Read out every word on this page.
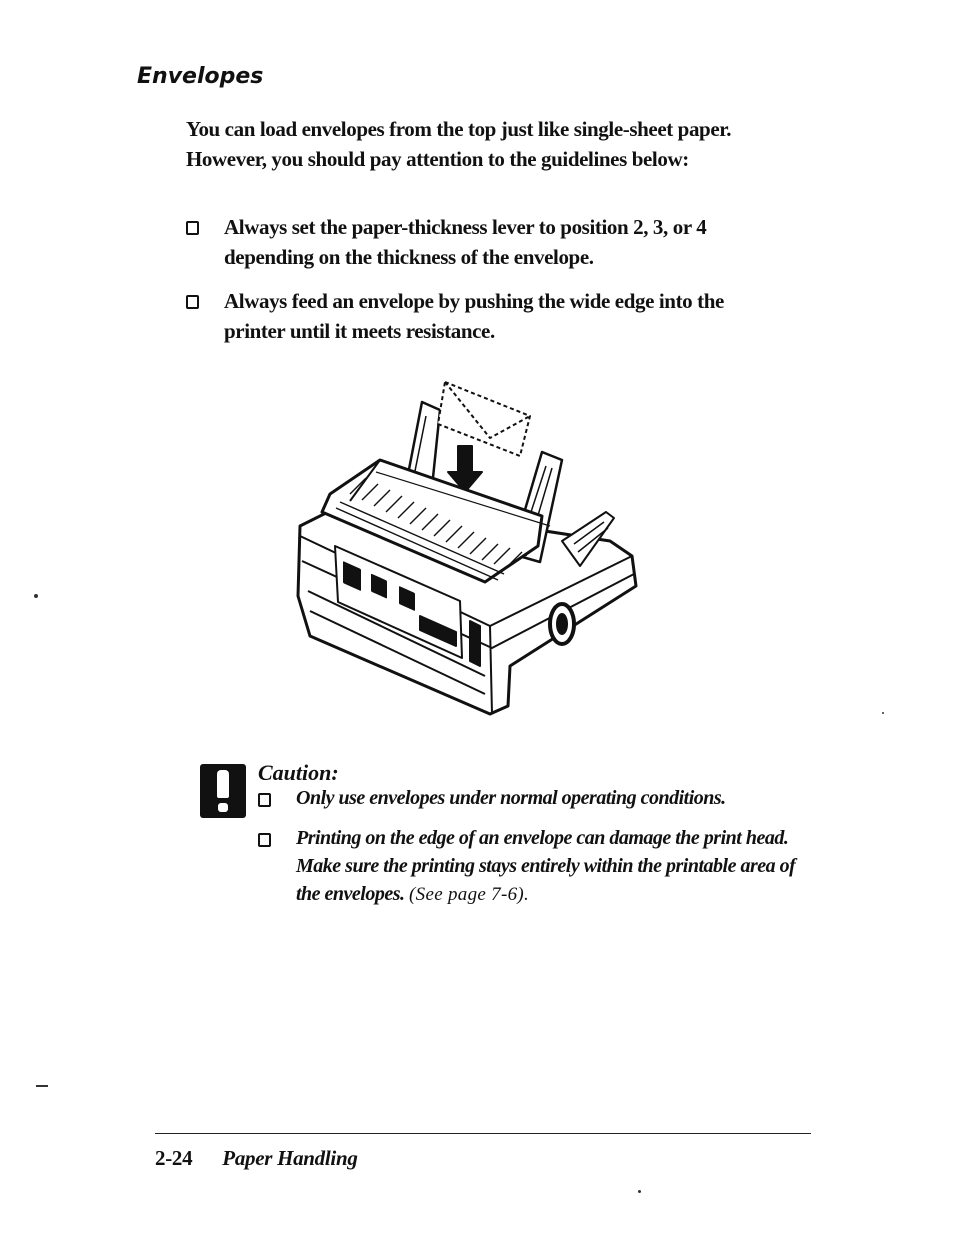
Envelopes
You can load envelopes from the top just like single-sheet paper. However, you should pay attention to the guidelines below:
Always set the paper-thickness lever to position 2, 3, or 4 depending on the thickness of the envelope.
Always feed an envelope by pushing the wide edge into the printer until it meets resistance.
Caution:
Only use envelopes under normal operating conditions.
Printing on the edge of an envelope can damage the print head. Make sure the printing stays entirely within the printable area of the envelopes. (See page 7-6).
2-24 Paper Handling
